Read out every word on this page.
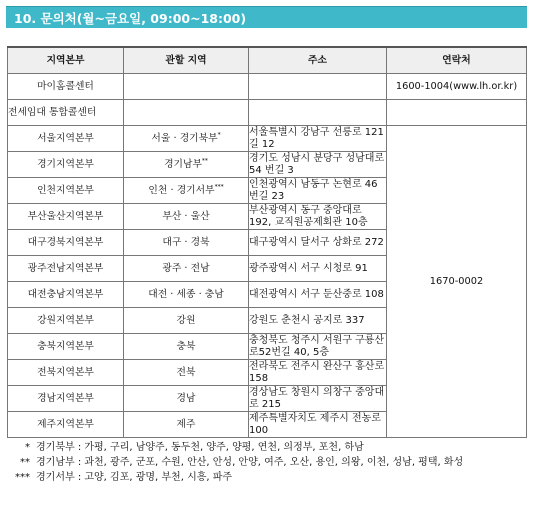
10. 문의처(월~금요일, 09:00~18:00)
지역본부	관할 지역	주소	연락처
마이홈콜센터			1600-1004(www.lh.or.kr)
전세임대 통합콜센터			
서울지역본부	서울 · 경기북부*	서울특별시 강남구 선릉로 121길 12	1670-0002
경기지역본부	경기남부**	경기도 성남시 분당구 성남대로 54 번길 3	
인천지역본부	인천 · 경기서부***	인천광역시 남동구 논현로 46번길 23	
부산울산지역본부	부산 · 울산	부산광역시 동구 중앙대로 192, 교직원공제회관 10층	
대구경북지역본부	대구 · 경북	대구광역시 달서구 상화로 272	
광주전남지역본부	광주 · 전남	광주광역시 서구 시청로 91	
대전충남지역본부	대전 · 세종 · 충남	대전광역시 서구 둔산중로 108	
강원지역본부	강원	강원도 춘천시 공지로 337	
충북지역본부	충북	충청북도 청주시 서원구 구룡산로52번길 40, 5층	
전북지역본부	전북	전라북도 전주시 완산구 홍산로 158	
경남지역본부	경남	경상남도 창원시 의창구 중앙대로 215	
제주지역본부	제주	제주특별자치도 제주시 전농로 100	
* 경기북부 : 가평, 구리, 남양주, 동두천, 양주, 양평, 연천, 의정부, 포천, 하남
** 경기남부 : 과천, 광주, 군포, 수원, 안산, 안성, 안양, 여주, 오산, 용인, 의왕, 이천, 성남, 평택, 화성
*** 경기서부 : 고양, 김포, 광명, 부천, 시흥, 파주
